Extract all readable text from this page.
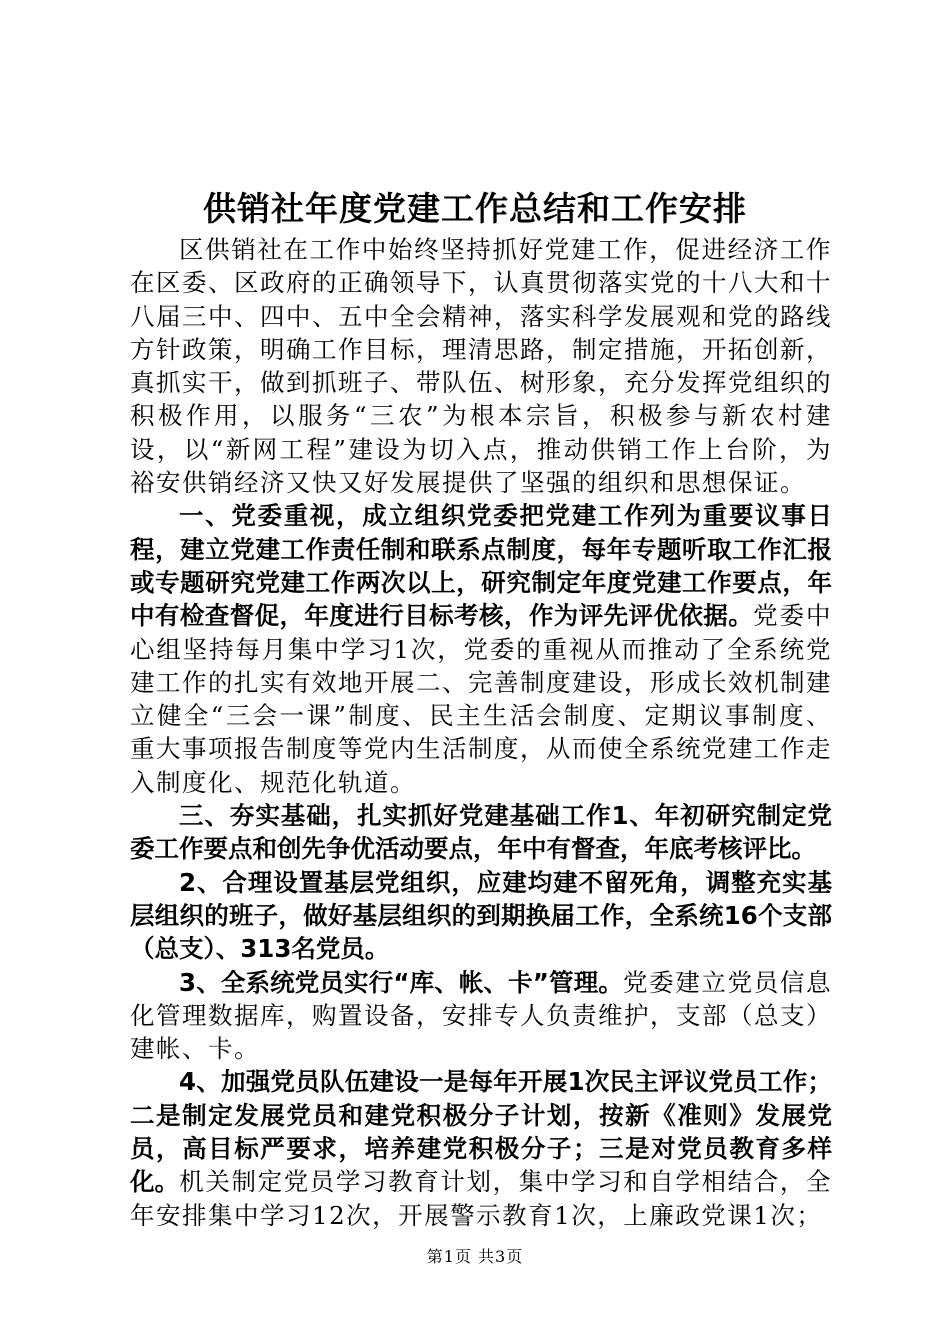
供销社年度党建工作总结和工作安排

区供销社在工作中始终坚持抓好党建工作，促进经济工作在区委、区政府的正确领导下，认真贯彻落实党的十八大和十八届三中、四中、五中全会精神，落实科学发展观和党的路线方针政策，明确工作目标，理清思路，制定措施，开拓创新，真抓实干，做到抓班子、带队伍、树形象，充分发挥党组织的积极作用，以服务“三农”为根本宗旨，积极参与新农村建设，以“新网工程”建设为切入点，推动供销工作上台阶，为裕安供销经济又快又好发展提供了坚强的组织和思想保证。

一、党委重视，成立组织党委把党建工作列为重要议事日程，建立党建工作责任制和联系点制度，每年专题听取工作汇报或专题研究党建工作两次以上，研究制定年度党建工作要点，年中有检查督促，年度进行目标考核，作为评先评优依据。党委中心组坚持每月集中学习1次，党委的重视从而推动了全系统党建工作的扎实有效地开展二、完善制度建设，形成长效机制建立健全“三会一课”制度、民主生活会制度、定期议事制度、重大事项报告制度等党内生活制度，从而使全系统党建工作走入制度化、规范化轨道。

三、夯实基础，扎实抓好党建基础工作1、年初研究制定党委工作要点和创先争优活动要点，年中有督查，年底考核评比。

2、合理设置基层党组织，应建均建不留死角，调整充实基层组织的班子，做好基层组织的到期换届工作，全系统16个支部（总支）、313名党员。

3、全系统党员实行“库、帐、卡”管理。党委建立党员信息化管理数据库，购置设备，安排专人负责维护，支部（总支）建帐、卡。

4、加强党员队伍建设一是每年开展1次民主评议党员工作；二是制定发展党员和建党积极分子计划，按新《准则》发展党员，高目标严要求，培养建党积极分子；三是对党员教育多样化。机关制定党员学习教育计划，集中学习和自学相结合，全年安排集中学习12次，开展警示教育1次，上廉政党课1次；

第1页 共3页
